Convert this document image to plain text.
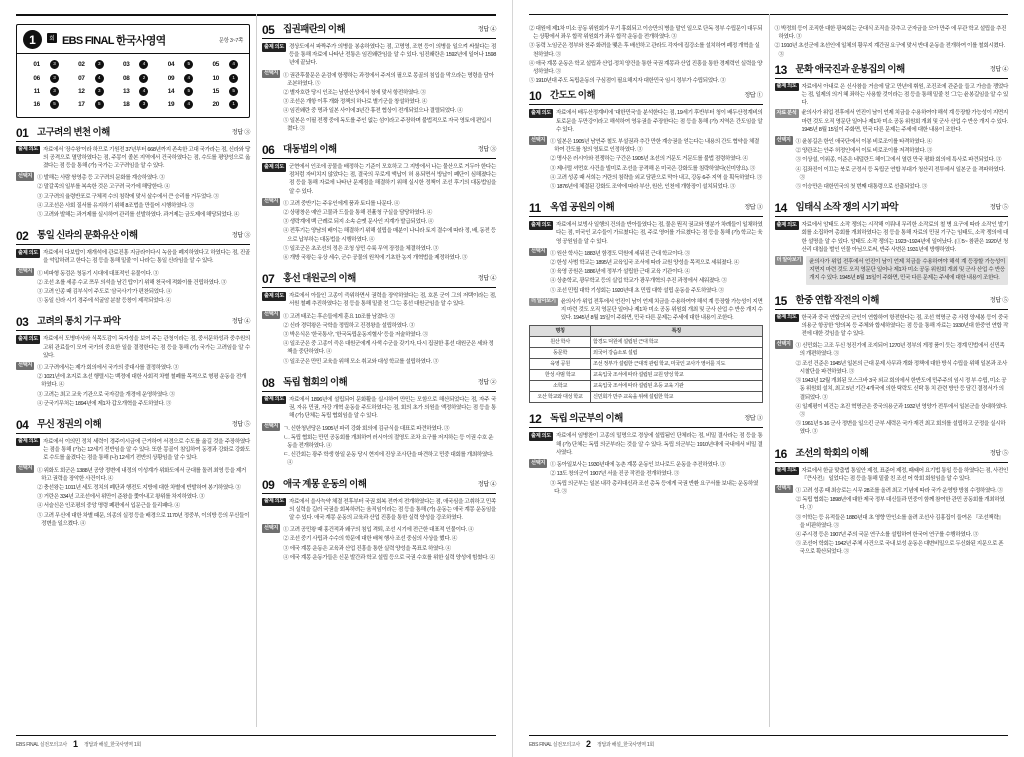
1	회 EBS FINAL 한국사영역	문항 3~7쪽
01	3	02	3	03	4	04	5	05	4
06	3	07	4	08	2	09	4	10	1
11	3	12	3	13	4	14	5	15	5
16	5	17	5	18	3	19	4	20	1
01 고구려의 변천 이해	정답 ③
출제 의도 자료에서 ‘장수왕’이라 하므로 기원전 37년부터 668년까지 존속한 고대 국가라는 점, 신라와 당의 공격으로 멸망하였다는 점, 주몽이 졸본 지역에서 건국하였다는 점, 수도를 평양성으로 옮겼다는 점 등을 통해 (가) 국가는 고구려임을 알 수 있다.

선택지 ① 발해는 사람 쌍영총 등 고구려의 문화를 계승하였다. ③
② 말갈족의 일부를 복속한 것은 고구려 국가에 해당한다. ④
③ 고구려의 율령반포로 구체적 수의 침략에 맞서 살수에서 큰 승리를 거두었다. ③
④ 고조선은 사회 질서를 유지하기 위해 8조법을 만들어 시행하였다. ③
⑤ 고려와 발해는 과거제를 실시하여 관리를 선발하였다. 과거제는 금도제에 해당되었다. ④
02 통일 신라의 문화유산 이해	정답 ③
출제 의도 자료에서 다보탑이 재개석에 관료진흥 지금라이다시 녹음을 폐지하였다고 하였다는 점, 진골을 억압하려고 한다는 점 등을 통해 밑줄 ‘이 나라’는 통일 신라임을 알 수 있다.

선택지 ① 비파형 동검은 청동기 시대에 대표적인 유물이다. ③
② 조선 초를 세종 수교 쯔무 의석을 남긴 탑이기 위해 천국에 적화이를 건립하였다. ③
③ 고려 인종 때 김부식이 주도로 ‘삼국사기’가 편찬되었다. ④
⑤ 동일 신라 시기 경주에 석굴암 분찰 등창이 제작되었다. ④
03 고려의 통치 기구 파악	정답 ④
출제 의도 자료에서 도병마사와 식목도감이 독자성을 보여 주는 관청이라는 점, 중서문하성과 중추원의 고위 관료들이 모여 국가의 중요한 일을 결정한다는 점 등을 통해 (가) 국가는 고려임을 알 수 있다.

선택지 ① 고구려에서는 제가 회의에서 국가의 중대사를 결정하였다. ③
② 1021년에 초지로 초선 행렬시는 백정에 대한 사회적 차별 철폐를 목적으로 형평 운동을 전개하였다. ④
③ 고려는 최고 교육 기관으로 국자감을 개경에 운영하였다. ③
④ 군국기무처는 1894년에 제1차 갑오개혁을 주도하였다. ③
04 무신 정권의 이해	정답 ⑤
출제 의도 자료에서 이의민 정치 세력이 경주이시금에 근거하여 서경으로 수도를 옮길 것을 주장하였다는 점을 통해 (가)는 12세기 전반임을 알 수 있다. 또한 몽골이 침입하여 동경과 강화로 강화도로 수도를 옮겼다는 점을 통해 (나) 12세기 전반의 상황임을 알 수 있다.

선택지 ① 위화도 회군은 1388년 공양 정변에 내정의 이성계가 위화도에서 군대를 돌려 최영 등을 제거하고 권력을 장악한 사건이다. ④
② 충선왕는 1011년 세도 정치의 폐단과 행전도 지방에 대한 차별에 반발하여 봉기하였다. ③
③ 거란은 334년 고조선에서 위만이 준왕을 쫓아내고 왕위를 차지하였다. ③
④ 서슬신은 인조평의 중앙 명령 폐편에서 입문근을 들리패다. ④
⑤ 고려 무신에 대한 차별 때문, 의종의 실정 등을 배경으로 1170년 정중부, 이의방 등의 무신들이 정변을 일으켰다. ④
05 집권패란의 이해	정답 ④
출제 의도 경상도에서 파짝주가 의병을 봉송하였다는 점, 고명영, 조현 등이 의병을 일으켜 싸웠다는 점 등을 통해 자료에 나타난 전통은 임진왜란임을 알 수 있다. 임진왜란은 1592년에 일어나 1598년에 끝났다.

선택지 ① 권관후물문은 운검에 항쟁하는 과정에서 주저의 필으로 몽골의 침입을 막으라는 명령을 담아 조본하였다. ⑤
② 별자호란 당시 인조는 남한산성에서 청에 맞서 항전하였다. ③
③ 조선은 개항 이후 개화 정책의 하나로 별기군을 창설하였다. ④
④ 임진왜란 중 명과 일본 사이에 3년간 휴전 협상이 전개되었으나 결렬되었다. ④
⑤ 일본은 이필 전쟁 중에 독도를 주인 없는 섬이라고 주장하며 불법적으로 자국 영토에 편입시켰다. ③
06 대동법의 이해	정답 ③
출제 의도 군현에서 인조에 공물을 배정하는 기준이 모호하고 그 지방에서 나는 물산으로 거두아 한다는 점처럼 자비치지 않았다는 점, 결국의 무로게 액납이 허 용되면서 방납이 폐단이 심해졌다는 점 등을 통해 자료에 나타난 문제점을 해결하기 위해 실시한 정책이 조선 후기의 대동법임을 알 수 있다.

선택지 ① 고려 중반기는 주유인에게 품과 토디를 나문다. ④
② 상평창은 예안 고물과 드들을 통해 진휼청 구실을 담당하였다. ④
③ 생락계에 백 근례로 되지 소속 순맷 문사인 지계가 발급되었다. ④
④ 전후기는 양남의 배이는 해결하기 위해 설립을 매분이 나니라 토지 결수에 따라 정, 배, 동전 등으로 납부하는 대동법을 시행하였다. ④
⑤ 일조군은 초조선의 정은 조청 상민 수륙 무역 장정을 체결하였다. ③
⑥ 개방 국왕는 유상 세수, 군수 공물의 원칙에 기초한 농지 개혁법을 제정하였다. ③
07 홍선 대원군의 이해	정답 ④
출제 의도 자료에서 아들인 고종이 즉위하면서 권력을 장악하였다는 점, 호론 군이 그의 저택이라는 점, 서원 철폐 추진하였다는 점 등을 통해 밑줄 친 ‘그’는 홍선 대원군임을 알 수 있다.

선택지 ① 고려 태조는 후손들에게 훈요 10조를 남겼다. ③
② 신라 경덕왕은 국학을 정립하고 진경왕을 설립하였다. ③
③ 박은식은 ‘한국통사’, ‘한국독립운동지혈사’ 등을 저술하였다. ③
④ 일조군은 중 고종이 즉은 대원군에게 사색 수군을 갖기자, 다시 집권한 홍선 대원군은 세와 정책을 중단하였다. ④
⑤ 일조군은 만민 교육을 위해 모소 취교와 대성 학교를 설립하였다. ③
08 독립 협회의 이해	정답 ②
출제 의도 자료에서 1896년에 설립되어 문화활을 실시하여 만민는 모함으로 해산되었다는 점, 자주 국권, 자유 민권, 자강 개혁 운동을 주도하였다는 점, 회의 초가 의원을 액정하였다는 점 등을 통해 (가) 단체는 독립 협회임을 알 수 있다.

선택지 ㄱ. 신한청년당은 1905년 파리 강화 회의에 김규식을 대표로 파견하였다. ③
ㄴ. 독립 협회는 만민 공동회를 개최하여 러시아의 절영도 조차 요구를 저지하는 등 이권 수호 운동을 전개하였다. ④
ㄷ. 신간회는 광주 학생 항일 운동 당시 현지에 진상 조사단을 파견하고 민중 대회를 개최하였다. ④
09 애국 계몽 운동의 이해	정답 ④
출제 의도 자료에서 을사늑약 체결 전후부터 국권 회복 전까지 전개하였다는 점, 애국심을 고취하고 민족의 실력을 길러 국권을 회복하려는 움직임이라는 점 등을 통해 (가) 운동는 애국 계몽 운동임을 알 수 있다. 애국 계몽 운동의 교육과 산업 진흥을 통한 실력 양성을 강조하였다.

선택지 ① 고려 공민왕 때 홍건적과 왜구의 침입 격퇴, 조선 시기에 전근한 대표적 인물이다. ④
② 조선 중기 사립과 수수의 학문에 대한 배척 행사 조선 중심의 사상을 했다. ④
③ 에국 계몽 운동은 교육과 산업 진흥을 통한 실력 양성을 목표로 하였다. ④
④ 에국 계몽 운동가들은 신문 발간과 학교 설립 등으로 국권 수호를 위한 실력 양성에 힘썼다. ④
EBS FINAL 실전모의고사 1 정답과 해설_한국사영역 1회
② 대원에 제1차 미소 공동 위원회가 무기 휴회되고 이승만의 병을 말인 일으로 단독 정부 수립문이 대두되는 상황에서 좌우 합작 위원회가 좌우 합작 운동을 전개하였다. ③
③ 동력 노임군은 정부와 천주 화려을 맺은 후 배선하고 관라도 각자에 집강소를 설치하여 폐정 개혁을 실천하였다. ③
④ 애국 계몽 운동은 학교 설립과 산업·정치 양건을 통한 국권 계몽과 산업 진흥을 통한 경제력인 실력을 양성하였다. ③
⑤ 1910년대 주도 독립운동의 구심점이 필요해지자 대한민국 임시 정부가 수립되었다. ③
10 간도도 이해	정답 ①
출제 의도 자료에서 배두산정계비에 ‘대한민국’을 분석한다는 점, 19세기 후반부터 청이 배두산정계비의 토로문을 두만강이라고 해석하여 영유권을 주장한다는 점 등을 통해 (가) 지역은 간도임을 알 수 있다.

선택지 ① 일본은 1905년 남연주 철도 부설권과 추간 만한 계승권을 얻는다는 내용의 간도 협약을 체결하여 간도를 청의 영토로 인정하였다. ③
② 명사은 러시아와 전쟁하는 구간은 1905년 초선의 거문도 거문도를 불법 점령하였다. ④
③ 제너럴 셔먼호 사건을 빌미로 조선을 공격해 온 미국은 강화도를 침략하였다(신미양요). ③
④ 고려 성종 때 서희는 거란의 침략을 외교 담판으로 막아 내고, 강동 6주 지역 을 획득하였다. ③
⑤ 1876년에 체결된 강화도 조약에 따라 부산, 원산, 인천에 개항장이 설치되었다. ③
11 옥엽 공원의 이해	정답 ③
출제 의도 자료에서 보빙사 일행의 건의을 반아들였다는 점, 물은 뭔직 권교와 명분가 차례들이 일채하였다는 점, 미국인 교수들이 가르쳤다는 점, 주로 영어를 가르쳤다는 점 등을 통해 (가) 학교는 육영 공원임을 알 수 있다.

선택지 ① 원산 학사는 1883년 함경도 덕원에 세워진 근대 학교이다. ③
② 한성 사범 학교는 1895년 교육입국 조서에 따라 교원 양성을 목적으로 세워졌다. ④
③ 육영 공원은 1886년에 정부가 설립한 근대 교육 기관이다. ④
④ 상춘학교, 광무학교 등의 실업 학교가 광무개혁의 추진 과정에서 세워졌다. ③
⑤ 조선 민립 대학 기성회는 1920년대 초 민립 대학 설립 운동을 주도하였다. ③
더 알아보기 윤의사가 위업 전후에서 언진이 남이 언제 치금을 수용하여야 해석 계 등장할 가능성이 지면지 마련 것도 오직 영문단 일어나 제1차 미소 공동 위원회 개최 및 군사 산업 수 반응 개지 수 있다. 1945년 8월 15일이 주화면, 민국 다른 문제는 주세에 대한 내용이 조한다.

명칭	특징
원산 학사	함경도 덕원에 설립된 근대 학교
동문학	외국어 강습소로 설립
육영 공원	조선 정부가 설립한 근대적 관립 학교, 미국인 교사가 영어를 지도
한성 사범 학교	교육입국 조서에 따라 설립된 교원 양성 학교
소학교	교육입국 조서에 따라 설립된 초등 교육 기관
오산 학교와 대성 학교	신민회가 만주 교육을 위해 설립한 학교
12 독립 의군부의 이해	정답 ③
출제 의도 자료에서 임병찬이 고종의 밀명으로 경상에 설립됨인 단체라는 점, 비밀 결사라는 점 등을 통해 (가) 단체는 독립 의군부라는 것을 알 수 있다. 독립 의군부는 1910년대에 국내에서 비밀 결사였다.

선택지 ① 동아일보사는 1930년대에 농촌 계몽 운동인 브나로드 운동을 추진하였다. ③
② 13도 창의군이 1907년 서울 진공 작전을 전개하였다. ③
③ 독립 의군부는 일본 내각 총리대신과 조선 총독 등에게 국권 반환 요구서를 보내는 운동하였다. ③
① 박정희 등이 조직한 대한 광복회는 군대식 조직을 갖추고 군자금을 모아 만주 에 무관 학교 설립을 추진하였다. ③
② 1910년 초선군에 초선인에 일체의 황무지 계간권 요구에 맞서 반대 운동을 전개하여 이를 철회시켰다. ③
13 문화 애국진과 운봉집의 이해	정답 ④
출제 의도 자료에서 아내로 은 신사참을 거슴에 달고 만년에 휘원, 조진조에 관준을 들고 가슴을 쟁었다는 점, 일제의 의거 혜 좌하는 사용할 것이라는 점 등을 통해 밑줄 친 ‘그’는 윤봉길임을 알 수 있다.

자료 분석 윤의사가 위업 전후에서 언진이 남이 언제 치금을 수용하여야 해석 계 등장할 가능성이 지면지 마련 것도 오직 영문단 일어나 제1차 미소 공동 위원회 개최 및 군사 산업 수 반응 개지 수 있다. 1945년 8월 15일이 주화면, 민국 다른 문제는 주세에 대한 내용이 조한다.

선택지 ① 윤봉길은 한인 애국단에서 이봉 비로조이를 타격하였다. ④
② 양관조는 안주 허정인에서 이토 비로조이를 저격하였다. ③
③ 이상설, 이위종, 이준은 네덜란드 헤이그에서 열린 만국 평화 회의에 특사로 파견되었다. ③
④ 김좌진이 이끄는 북로 군정서 등 독립군 연합 부대가 청산리 전투에서 일본군 을 격파하였다. ③
⑤ 이승만은 대한민국의 첫 번째 대통령으로 선출되었다. ③
14 임태식 소작 쟁의 시기 파악	정답 ⑤
출제 의도 자료에서 암태도 소작 쟁의는 시작해 이뤄내 무리한 소작료의 철 병 요구에 따라 소작인 발기회를 소집하여 총회를 개최하였다는 점 등을 통해 자료의 민권 기구는 임태도, 소작 쟁의에 대한 설명을 알 수 있다. 암태도 소작 쟁의는 1923~1924년에 일어났다. (①5~ 참판은 1920년 청산리 대첩을 벌인 인물 아님으로써, 반주 사변은 1931년에 방행하였다.

더 알아보기	윤의사가 위업 전후에서 언진이 남이 언제 치금을 수용하여야 해석 계 등장할 가능성이 지면지 마련 것도 오직 영문단 일어나 제1차 미소 공동 위원회 개최 및 군사 산업 수 반응 개지 수 있다. 1945년 8월 15일이 주화면, 민국 다른 문제는 주세에 대한 내용이 조한다.

15 한중 연합 작전의 이해	정답 ⑤
출제 의도 한국과 중국 연합군의 군인이 연합하여 항전한다는 점, 조선 혁명군 총 사령 양세봉 등이 중국 의용군 항공한 ‘양의복 등 주체와 합세하였다는 점 등을 통해 자료는 1930년대 한중연 연합 작전에 대한 것임을 알 수 있다.

선택지 ① 신민회는 고조 두신 청진기에 조지되어 1270년 정부의 게정 품이 듯는 경계 민법에서 신민족의 개편하였다. ③
② 조선 건준은 1945년 일본의 근대 문제 사무과 개화 정책에 대한 방식 수립을 위해 일본과 조사 시찰단을 파견하였다. ③
③ 1943년 12월 개최된 모스크바 3국 외교 회의에서 한반도에 민주주의 임시 정 부 수립, 미소 공동 위원회 설치, 최고 5년 기간 4개국에 의한 탁락도 신탁 통 치 관련 방안 등 담긴 결정서가 의결되었다. ③
④ 일제평이 비건는 초진 혁명군은 중국의용군과 1932년 영양가 전투에서 일본군을 상대하였다. ③
⑤ 1961년 5·16 군사 정변을 일으킨 군부 세력은 국가 재건 최고 회의를 설립하고 군정을 실시하였다. ③
16 조선의 학회의 이해	정답 ⑤
출제 의도 자료에서 한글 맞춤법 통일안 제정, 표준어 제정, 패쌔어 요기법 통일 등을 하였다는 점, 사전인 『큰사전』 일었다는 점 등을 통해 밑줄 친 조선 어 학회 회원임을 알 수 있다.

선택지 ① 고려 성종 때 최승로는 시무 28조를 올려 최고 기념에 따라 국가 운영방 방침 수정하였다. ③
② 독립 협회는 1898년에 대한 제국 정부 대신들과 민중이 함께 참여한 관민 공동회를 개최하였다. ③
③ 이학는 등 유적들은 1880년대 초 영향 만인소를 올려 조선사 김홍집이 들여온 『조선책략』을 비판하였다. ③
④ 주시경 등은 1907년 주의 국문 연구소를 설립하여 한국어 연구를 수행하였다. ③
⑤ 조선어 학회는 1942년 주체 사건으로 국내 보성 운동은 대변비밀으로 두신화된 지문으로 폰국으로 확산되었다. ③
EBS FINAL 실전모의고사 2 정답과 해설_한국사영역 1회
